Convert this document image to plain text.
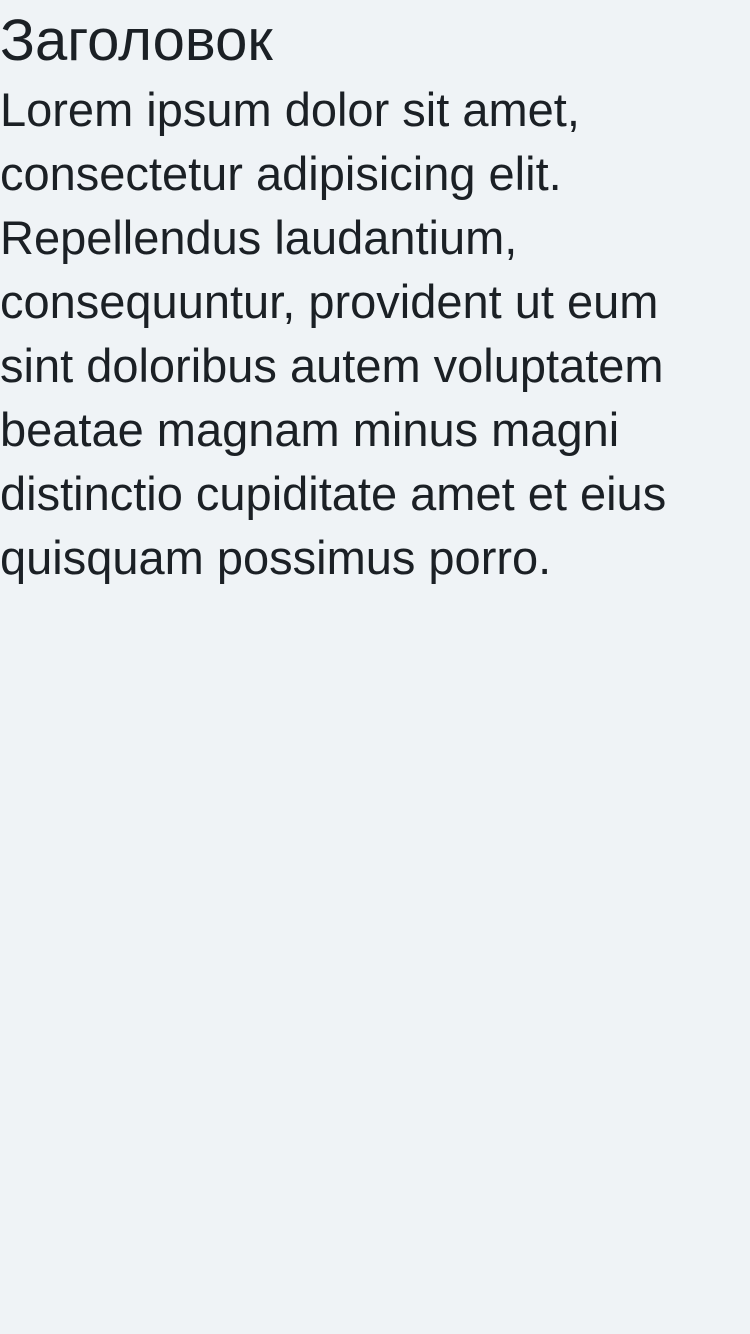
Заголовок

Lorem ipsum dolor sit amet, consectetur adipisicing elit. Repellendus laudantium, consequuntur, provident ut eum sint doloribus autem voluptatem beatae magnam minus magni distinctio cupiditate amet et eius quisquam possimus porro.
